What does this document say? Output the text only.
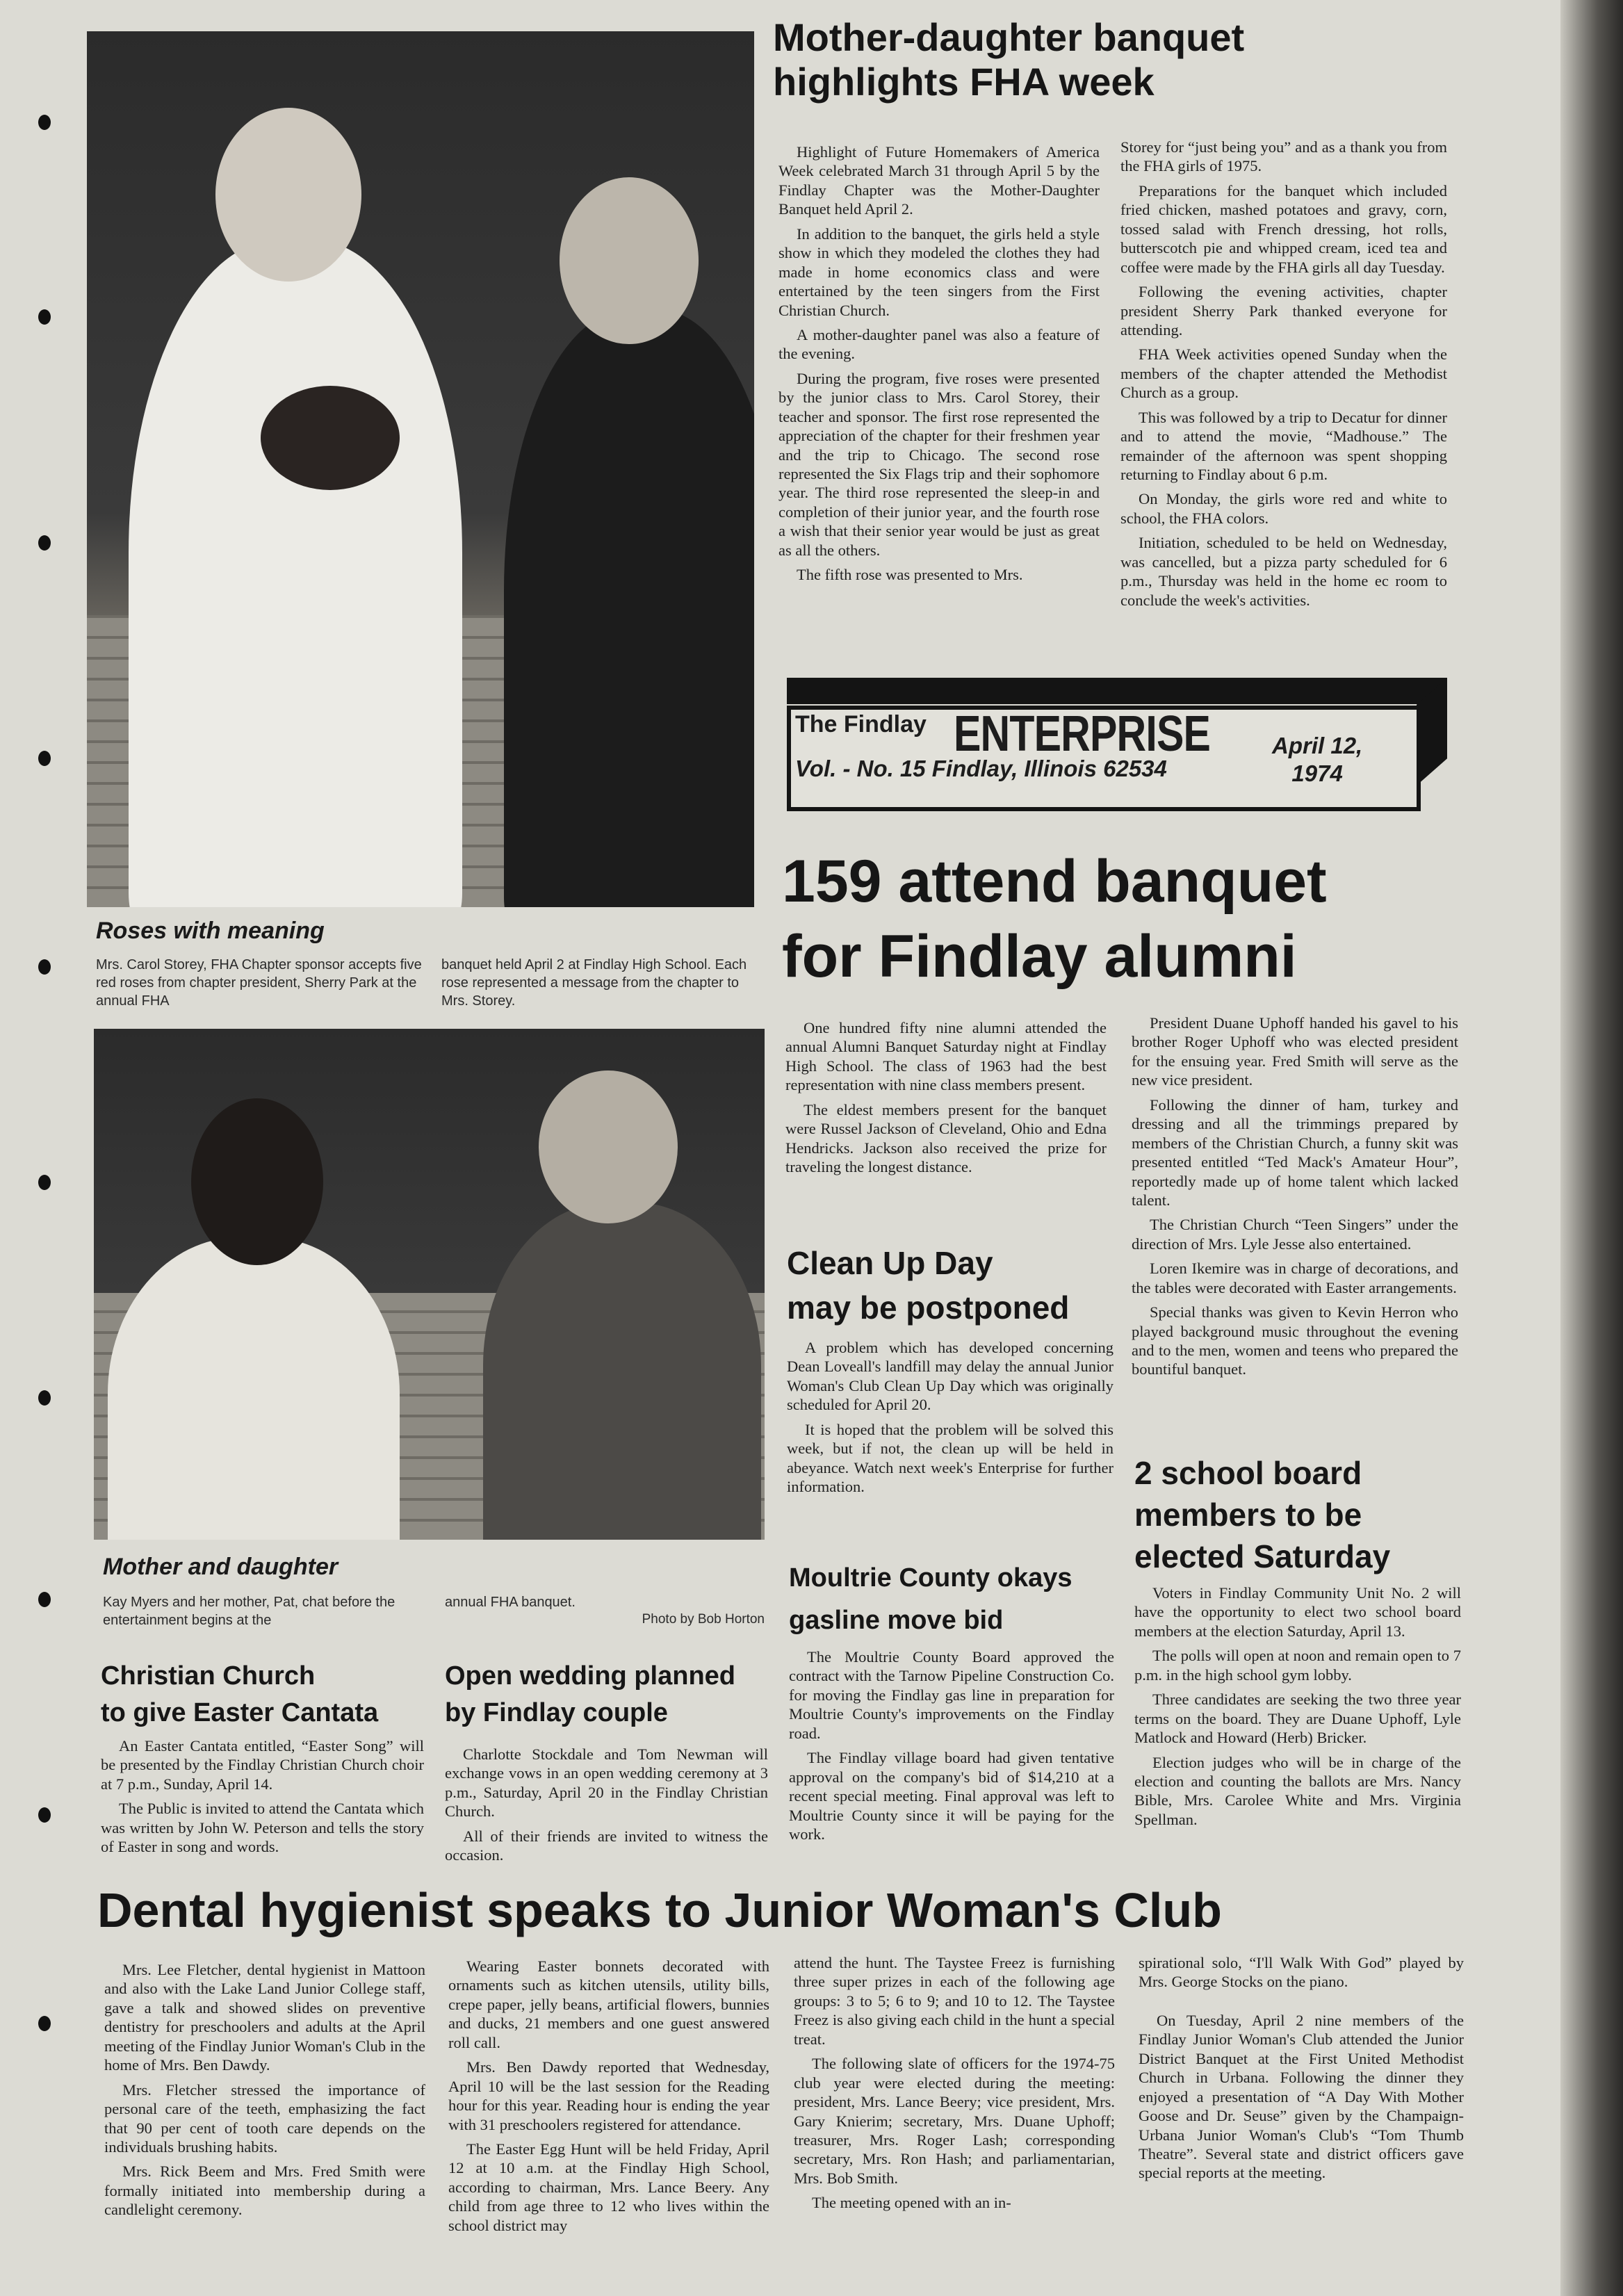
Roses with meaning
Mrs. Carol Storey, FHA Chapter sponsor accepts five red roses from chapter president, Sherry Park at the annual FHA
banquet held April 2 at Findlay High School. Each rose represented a message from the chapter to Mrs. Storey.
Mother and daughter
Kay Myers and her mother, Pat, chat before the entertainment begins at the
annual FHA banquet.
Photo by Bob Horton
Mother-daughter banquet
highlights FHA week

Highlight of Future Homemakers of America Week celebrated March 31 through April 5 by the Findlay Chapter was the Mother-Daughter Banquet held April 2.

In addition to the banquet, the girls held a style show in which they modeled the clothes they had made in home economics class and were entertained by the teen singers from the First Christian Church.

A mother-daughter panel was also a feature of the evening.

During the program, five roses were presented by the junior class to Mrs. Carol Storey, their teacher and sponsor. The first rose represented the appreciation of the chapter for their freshmen year and the trip to Chicago. The second rose represented the Six Flags trip and their sophomore year. The third rose represented the sleep-in and completion of their junior year, and the fourth rose a wish that their senior year would be just as great as all the others.

The fifth rose was presented to Mrs.

Storey for “just being you” and as a thank you from the FHA girls of 1975.

Preparations for the banquet which included fried chicken, mashed potatoes and gravy, corn, tossed salad with French dressing, hot rolls, butterscotch pie and whipped cream, iced tea and coffee were made by the FHA girls all day Tuesday.

Following the evening activities, chapter president Sherry Park thanked everyone for attending.

FHA Week activities opened Sunday when the members of the chapter attended the Methodist Church as a group.

This was followed by a trip to Decatur for dinner and to attend the movie, “Madhouse.” The remainder of the afternoon was spent shopping returning to Findlay about 6 p.m.

On Monday, the girls wore red and white to school, the FHA colors.

Initiation, scheduled to be held on Wednesday, was cancelled, but a pizza party scheduled for 6 p.m., Thursday was held in the home ec room to conclude the week's activities.

The Findlay ENTERPRISE
Vol. - No. 15 Findlay, Illinois 62534
April 12,
1974
159 attend banquet
for Findlay alumni

One hundred fifty nine alumni attended the annual Alumni Banquet Saturday night at Findlay High School. The class of 1963 had the best representation with nine class members present.

The eldest members present for the banquet were Russel Jackson of Cleveland, Ohio and Edna Hendricks. Jackson also received the prize for traveling the longest distance.

President Duane Uphoff handed his gavel to his brother Roger Uphoff who was elected president for the ensuing year. Fred Smith will serve as the new vice president.

Following the dinner of ham, turkey and dressing and all the trimmings prepared by members of the Christian Church, a funny skit was presented entitled “Ted Mack's Amateur Hour”, reportedly made up of home talent which lacked talent.

The Christian Church “Teen Singers” under the direction of Mrs. Lyle Jesse also entertained.

Loren Ikemire was in charge of decorations, and the tables were decorated with Easter arrangements.

Special thanks was given to Kevin Herron who played background music throughout the evening and to the men, women and teens who prepared the bountiful banquet.

Clean Up Day
may be postponed

A problem which has developed concerning Dean Loveall's landfill may delay the annual Junior Woman's Club Clean Up Day which was originally scheduled for April 20.

It is hoped that the problem will be solved this week, but if not, the clean up will be held in abeyance. Watch next week's Enterprise for further information.	2 school board
members to be
elected Saturday

Voters in Findlay Community Unit No. 2 will have the opportunity to elect two school board members at the election Saturday, April 13.

The polls will open at noon and remain open to 7 p.m. in the high school gym lobby.

Three candidates are seeking the two three year terms on the board. They are Duane Uphoff, Lyle Matlock and Howard (Herb) Bricker.

Election judges who will be in charge of the election and counting the ballots are Mrs. Nancy Bible, Mrs. Carolee White and Mrs. Virginia Spellman.

Moultrie County okays
gasline move bid

The Moultrie County Board approved the contract with the Tarnow Pipeline Construction Co. for moving the Findlay gas line in preparation for Moultrie County's improvements on the Findlay road.

The Findlay village board had given tentative approval on the company's bid of $14,210 at a recent special meeting. Final approval was left to Moultrie County since it will be paying for the work.

Christian Church
to give Easter Cantata

An Easter Cantata entitled, “Easter Song” will be presented by the Findlay Christian Church choir at 7 p.m., Sunday, April 14.

The Public is invited to attend the Cantata which was written by John W. Peterson and tells the story of Easter in song and words.

Open wedding planned
by Findlay couple

Charlotte Stockdale and Tom Newman will exchange vows in an open wedding ceremony at 3 p.m., Saturday, April 20 in the Findlay Christian Church.

All of their friends are invited to witness the occasion.

Dental hygienist speaks to Junior Woman's Club

Mrs. Lee Fletcher, dental hygienist in Mattoon and also with the Lake Land Junior College staff, gave a talk and showed slides on preventive dentistry for preschoolers and adults at the April meeting of the Findlay Junior Woman's Club in the home of Mrs. Ben Dawdy.

Mrs. Fletcher stressed the importance of personal care of the teeth, emphasizing the fact that 90 per cent of tooth care depends on the individuals brushing habits.

Mrs. Rick Beem and Mrs. Fred Smith were formally initiated into membership during a candlelight ceremony.

Wearing Easter bonnets decorated with ornaments such as kitchen utensils, utility bills, crepe paper, jelly beans, artificial flowers, bunnies and ducks, 21 members and one guest answered roll call.

Mrs. Ben Dawdy reported that Wednesday, April 10 will be the last session for the Reading hour for this year. Reading hour is ending the year with 31 preschoolers registered for attendance.

The Easter Egg Hunt will be held Friday, April 12 at 10 a.m. at the Findlay High School, according to chairman, Mrs. Lance Beery. Any child from age three to 12 who lives within the school district may

attend the hunt. The Taystee Freez is furnishing three super prizes in each of the following age groups: 3 to 5; 6 to 9; and 10 to 12. The Taystee Freez is also giving each child in the hunt a special treat.

The following slate of officers for the 1974-75 club year were elected during the meeting: president, Mrs. Lance Beery; vice president, Mrs. Gary Knierim; secretary, Mrs. Duane Uphoff; treasurer, Mrs. Roger Lash; corresponding secretary, Mrs. Ron Hash; and parliamentarian, Mrs. Bob Smith.

The meeting opened with an in-

spirational solo, “I'll Walk With God” played by Mrs. George Stocks on the piano.

On Tuesday, April 2 nine members of the Findlay Junior Woman's Club attended the Junior District Banquet at the First United Methodist Church in Urbana. Following the dinner they enjoyed a presentation of “A Day With Mother Goose and Dr. Seuse” given by the Champaign-Urbana Junior Woman's Club's “Tom Thumb Theatre”. Several state and district officers gave special reports at the meeting.
